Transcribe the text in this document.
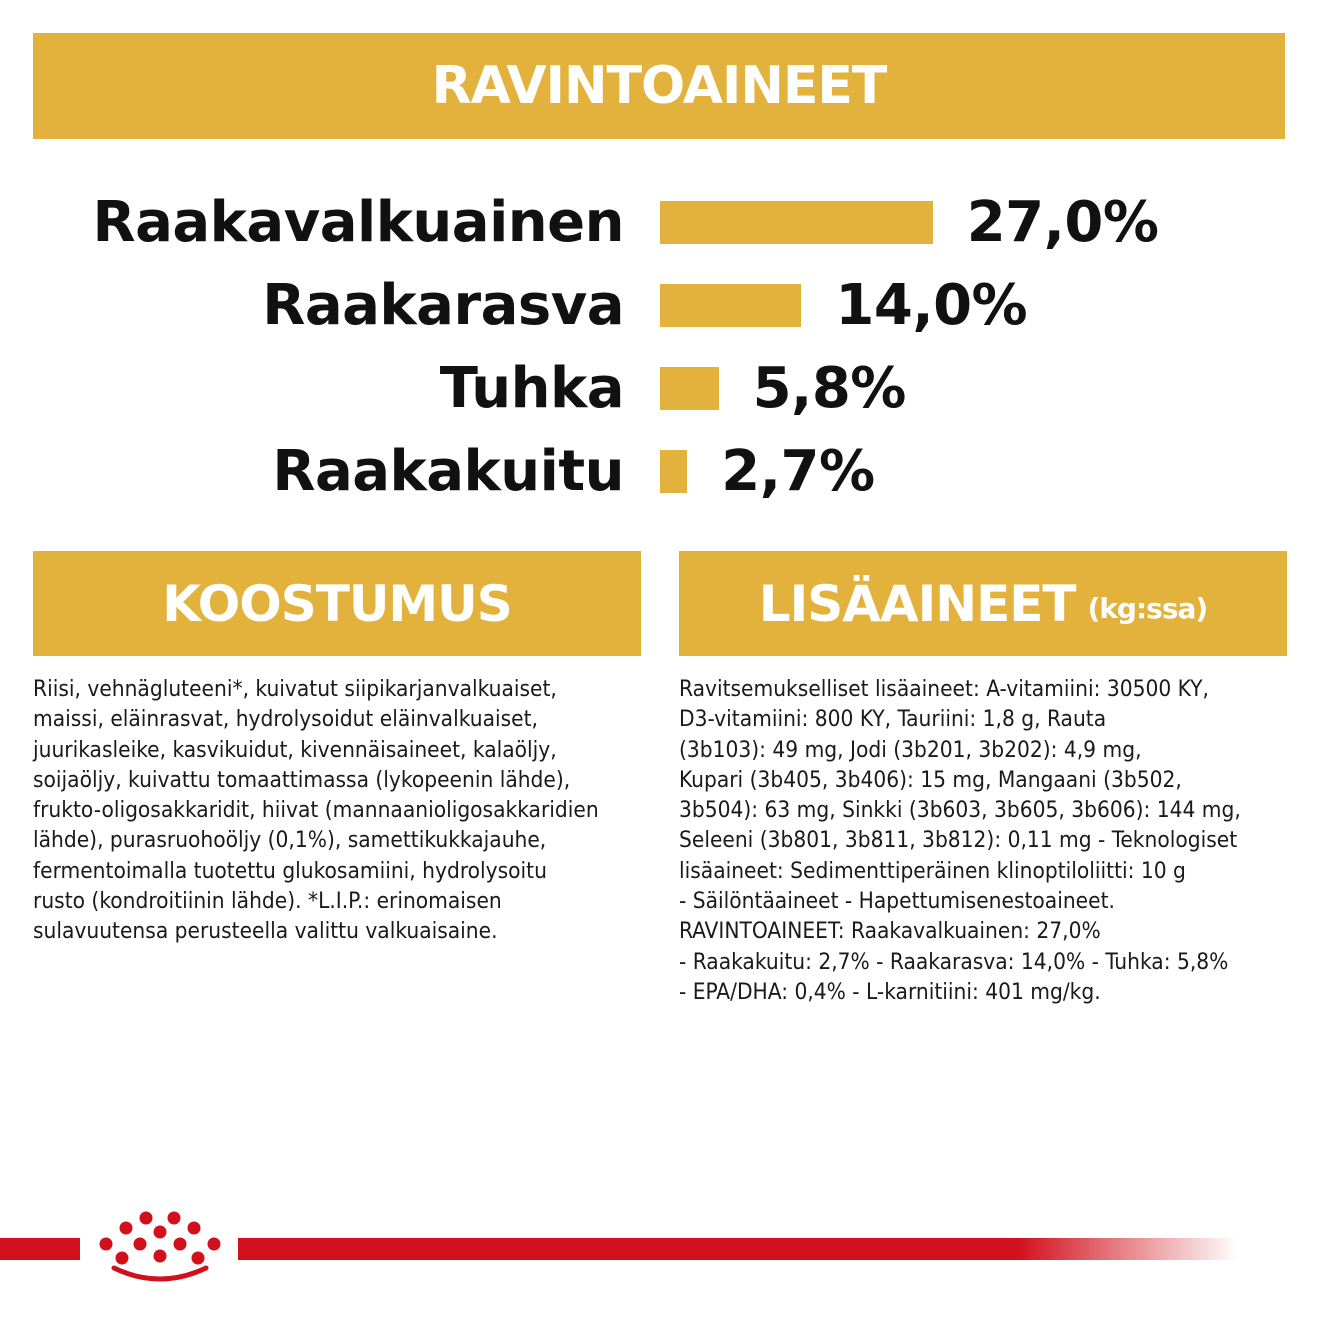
RAVINTOAINEET
Raakavalkuainen	27,0%
Raakarasva	14,0%
Tuhka 5,8%
Raakakuitu 2,7%
KOOSTUMUS	LISÄAINEET (kg:ssa)
Riisi, vehnägluteeni*, kuivatut siipikarjanvalkuaiset,
maissi, eläinrasvat, hydrolysoidut eläinvalkuaiset,
juurikasleike, kasvikuidut, kivennäisaineet, kalaöljy,
soijaöljy, kuivattu tomaattimassa (lykopeenin lähde),
frukto-oligosakkaridit, hiivat (mannaanioligosakkaridien
lähde), purasruohoöljy (0,1%), samettikukkajauhe,
fermentoimalla tuotettu glukosamiini, hydrolysoitu
rusto (kondroitiinin lähde). *L.I.P.: erinomaisen
sulavuutensa perusteella valittu valkuaisaine.
Ravitsemukselliset lisäaineet: A-vitamiini: 30500 KY,
D3-vitamiini: 800 KY, Tauriini: 1,8 g, Rauta
(3b103): 49 mg, Jodi (3b201, 3b202): 4,9 mg,
Kupari (3b405, 3b406): 15 mg, Mangaani (3b502,
3b504): 63 mg, Sinkki (3b603, 3b605, 3b606): 144 mg,
Seleeni (3b801, 3b811, 3b812): 0,11 mg - Teknologiset
lisäaineet: Sedimenttiperäinen klinoptiloliitti: 10 g
- Säilöntäaineet - Hapettumisenestoaineet.
RAVINTOAINEET: Raakavalkuainen: 27,0%
- Raakakuitu: 2,7% - Raakarasva: 14,0% - Tuhka: 5,8%
- EPA/DHA: 0,4% - L-karnitiini: 401 mg/kg.
